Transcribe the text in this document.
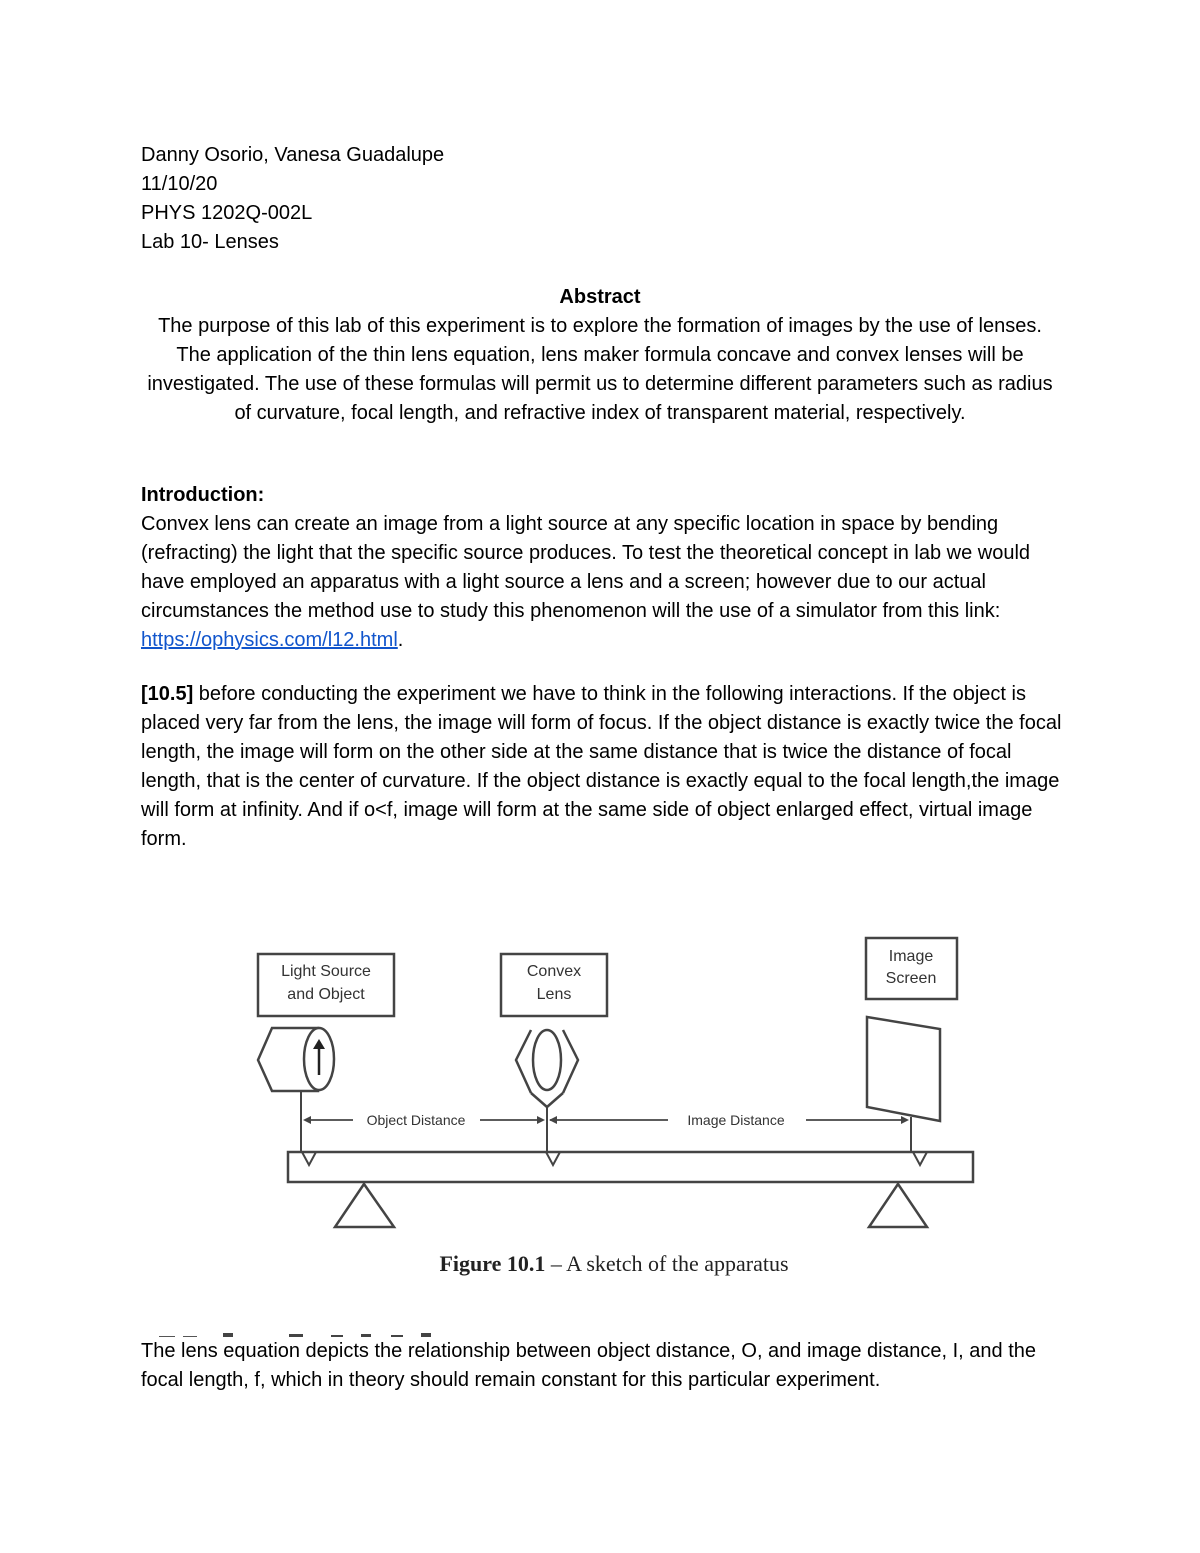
Danny Osorio, Vanesa Guadalupe
11/10/20
PHYS 1202Q-002L
Lab 10- Lenses
Abstract
The purpose of this lab of this experiment is to explore the formation of images by the use of lenses. The application of the thin lens equation, lens maker formula concave and convex lenses will be investigated. The use of these formulas will permit us to determine different parameters such as radius of curvature, focal length, and refractive index of transparent material, respectively.
Introduction:
Convex lens can create an image from a light source at any specific location in space by bending (refracting) the light that the specific source produces. To test the theoretical concept in lab we would have employed an apparatus with a light source a lens and a screen; however due to our actual circumstances the method use to study this phenomenon will the use of a simulator from this link: https://ophysics.com/l12.html.
[10.5] before conducting the experiment we have to think in the following interactions. If the object is placed very far from the lens, the image will form of focus. If the object distance is exactly twice the focal length, the image will form on the other side at the same distance that is twice the distance of focal length, that is the center of curvature. If the object distance is exactly equal to the focal length,the image will form at infinity. And if o<f, image will form at the same side of object enlarged effect, virtual image form.
Light Source
and Object
Convex
Lens
Image
Screen
Object Distance	Image Distance
Figure 10.1 – A sketch of the apparatus
The lens equation depicts the relationship between object distance, O, and image distance, I, and the focal length, f, which in theory should remain constant for this particular experiment.
